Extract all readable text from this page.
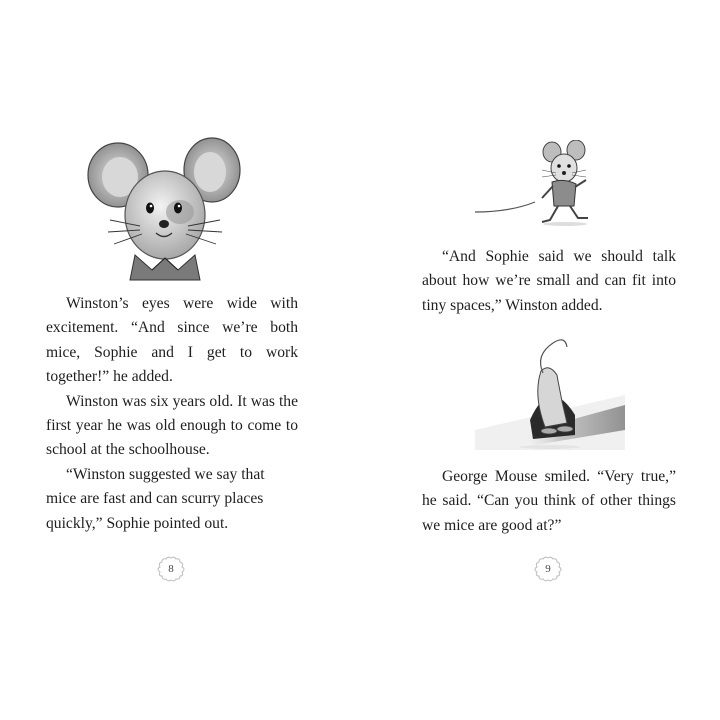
Winston’s eyes were wide with excitement. “And since we’re both mice, Sophie and I get to work together!” he added.

Winston was six years old. It was the first year he was old enough to come to school at the schoolhouse.

“Winston suggested we say that mice are fast and can scurry places quickly,” Sophie pointed out.

“And Sophie said we should talk about how we’re small and can fit into tiny spaces,” Winston added.

George Mouse smiled. “Very true,” he said. “Can you think of other things we mice are good at?”

8	9
